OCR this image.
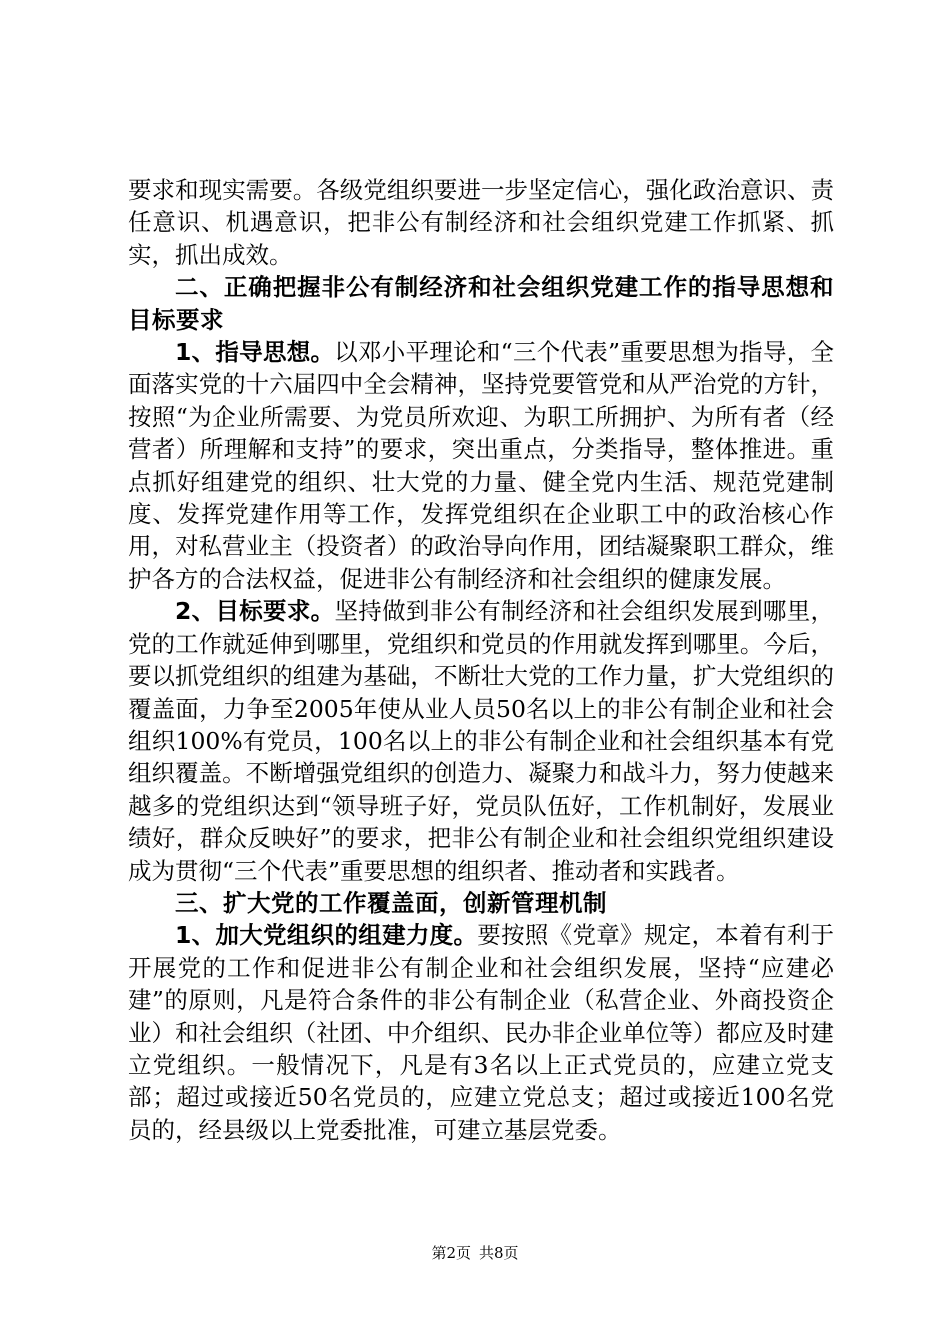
要求和现实需要。各级党组织要进一步坚定信心，强化政治意识、责任意识、机遇意识，把非公有制经济和社会组织党建工作抓紧、抓实，抓出成效。

二、正确把握非公有制经济和社会组织党建工作的指导思想和目标要求

1、指导思想。以邓小平理论和“三个代表”重要思想为指导，全面落实党的十六届四中全会精神，坚持党要管党和从严治党的方针，按照“为企业所需要、为党员所欢迎、为职工所拥护、为所有者（经营者）所理解和支持”的要求，突出重点，分类指导，整体推进。重点抓好组建党的组织、壮大党的力量、健全党内生活、规范党建制度、发挥党建作用等工作，发挥党组织在企业职工中的政治核心作用，对私营业主（投资者）的政治导向作用，团结凝聚职工群众，维护各方的合法权益，促进非公有制经济和社会组织的健康发展。

2、目标要求。坚持做到非公有制经济和社会组织发展到哪里，党的工作就延伸到哪里，党组织和党员的作用就发挥到哪里。今后，要以抓党组织的组建为基础，不断壮大党的工作力量，扩大党组织的覆盖面，力争至2005年使从业人员50名以上的非公有制企业和社会组织100%有党员，100名以上的非公有制企业和社会组织基本有党组织覆盖。不断增强党组织的创造力、凝聚力和战斗力，努力使越来越多的党组织达到“领导班子好，党员队伍好，工作机制好，发展业绩好，群众反映好”的要求，把非公有制企业和社会组织党组织建设成为贯彻“三个代表”重要思想的组织者、推动者和实践者。

三、扩大党的工作覆盖面，创新管理机制

1、加大党组织的组建力度。要按照《党章》规定，本着有利于开展党的工作和促进非公有制企业和社会组织发展，坚持“应建必建”的原则，凡是符合条件的非公有制企业（私营企业、外商投资企业）和社会组织（社团、中介组织、民办非企业单位等）都应及时建立党组织。一般情况下，凡是有3名以上正式党员的，应建立党支部；超过或接近50名党员的，应建立党总支；超过或接近100名党员的，经县级以上党委批准，可建立基层党委。

第2页 共8页
